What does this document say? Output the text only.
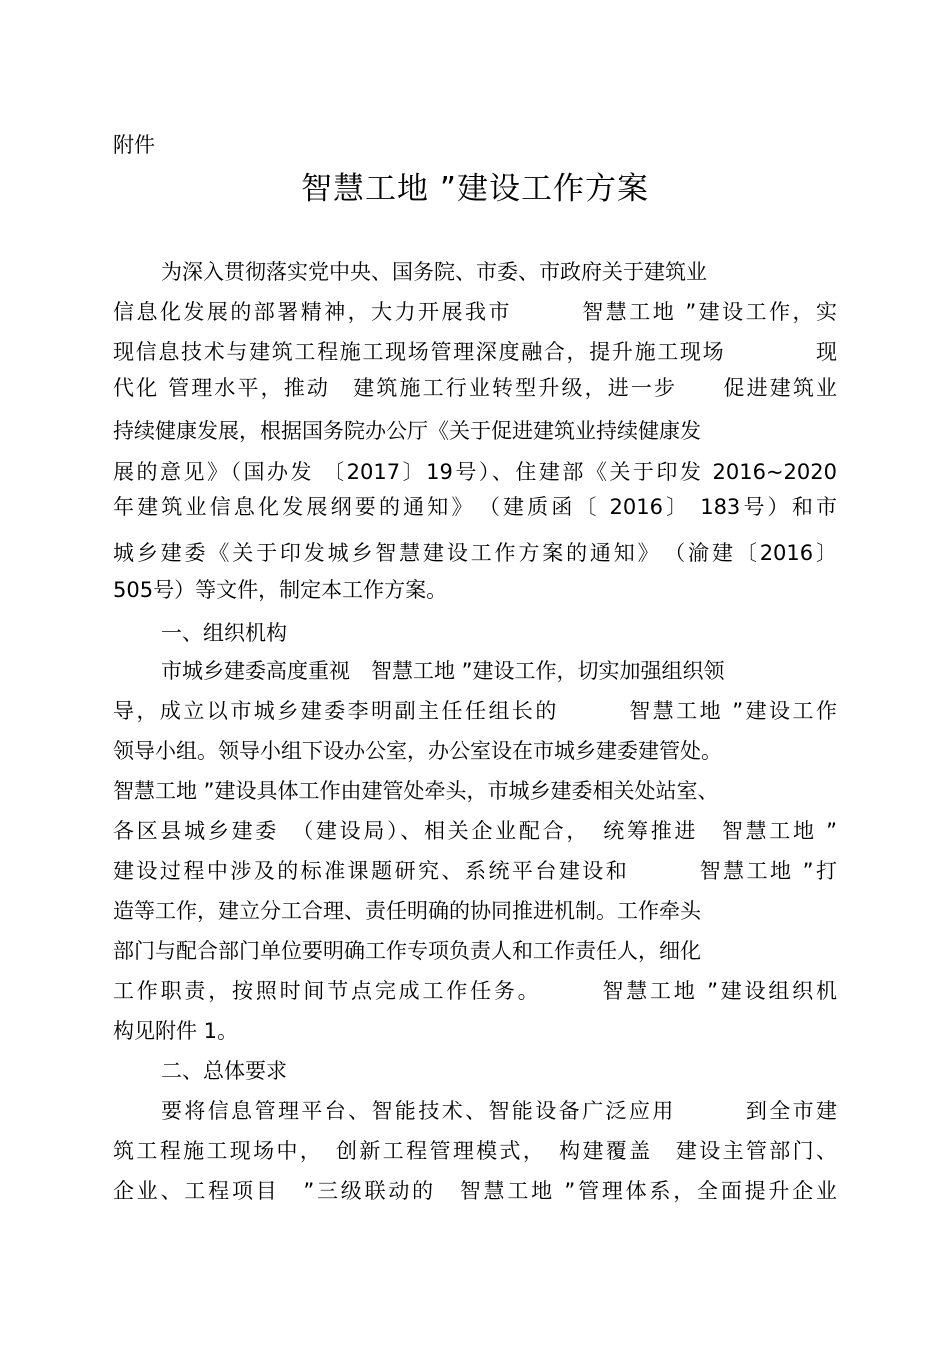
附件
智慧工地 ”建设工作方案
为深入贯彻落实党中央、国务院、市委、市政府关于建筑业
信息化发展的部署精神，大力开展我市　　　智慧工地 ”建设工作，实
现信息技术与建筑工程施工现场管理深度融合，提升施工现场　　　　现
代化 管理水平，推动　建筑施工行业转型升级，进一步　　促进建筑业
持续健康发展，根据国务院办公厅《关于促进建筑业持续健康发
展的意见》（国办发 〔2017〕19号）、住建部《关于印发 2016~2020
年建筑业信息化发展纲要的通知》　（建质函〔 2016〕 183号）和市
城乡建委《关于印发城乡智慧建设工作方案的通知》　（渝建〔2016〕
505号）等文件，制定本工作方案。
一、组织机构
市城乡建委高度重视　智慧工地 ”建设工作，切实加强组织领
导，成立以市城乡建委李明副主任任组长的　　　智慧工地 ”建设工作
领导小组。领导小组下设办公室，办公室设在市城乡建委建管处。
智慧工地 ”建设具体工作由建管处牵头，市城乡建委相关处站室、
各区县城乡建委　（建设局）、相关企业配合，　统筹推进　智慧工地 ”
建设过程中涉及的标准课题研究、系统平台建设和　　　智慧工地 ”打
造等工作，建立分工合理、责任明确的协同推进机制。工作牵头
部门与配合部门单位要明确工作专项负责人和工作责任人，细化
工作职责，按照时间节点完成工作任务。　　　智慧工地 ”建设组织机
构见附件 1。
二、总体要求
要将信息管理平台、智能技术、智能设备广泛应用　　　到全市建
筑工程施工现场中，　创新工程管理模式，　构建覆盖　建设主管部门、
企业、工程项目　”三级联动的　智慧工地 ”管理体系，全面提升企业
